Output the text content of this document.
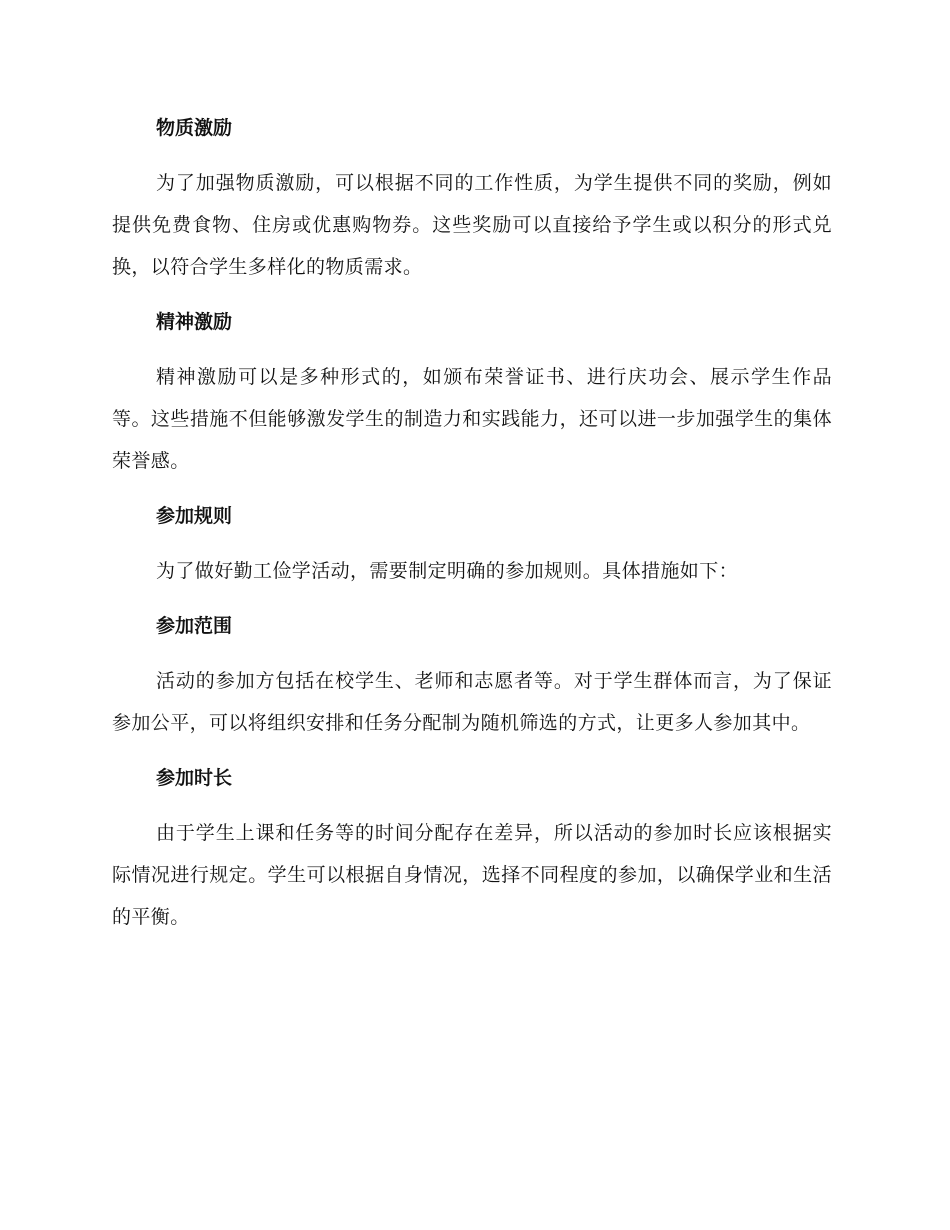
物质激励

为了加强物质激励，可以根据不同的工作性质，为学生提供不同的奖励，例如提供免费食物、住房或优惠购物券。这些奖励可以直接给予学生或以积分的形式兑换，以符合学生多样化的物质需求。

精神激励

精神激励可以是多种形式的，如颁布荣誉证书、进行庆功会、展示学生作品等。这些措施不但能够激发学生的制造力和实践能力，还可以进一步加强学生的集体荣誉感。

参加规则

为了做好勤工俭学活动，需要制定明确的参加规则。具体措施如下：

参加范围

活动的参加方包括在校学生、老师和志愿者等。对于学生群体而言，为了保证参加公平，可以将组织安排和任务分配制为随机筛选的方式，让更多人参加其中。

参加时长

由于学生上课和任务等的时间分配存在差异，所以活动的参加时长应该根据实际情况进行规定。学生可以根据自身情况，选择不同程度的参加，以确保学业和生活的平衡。
